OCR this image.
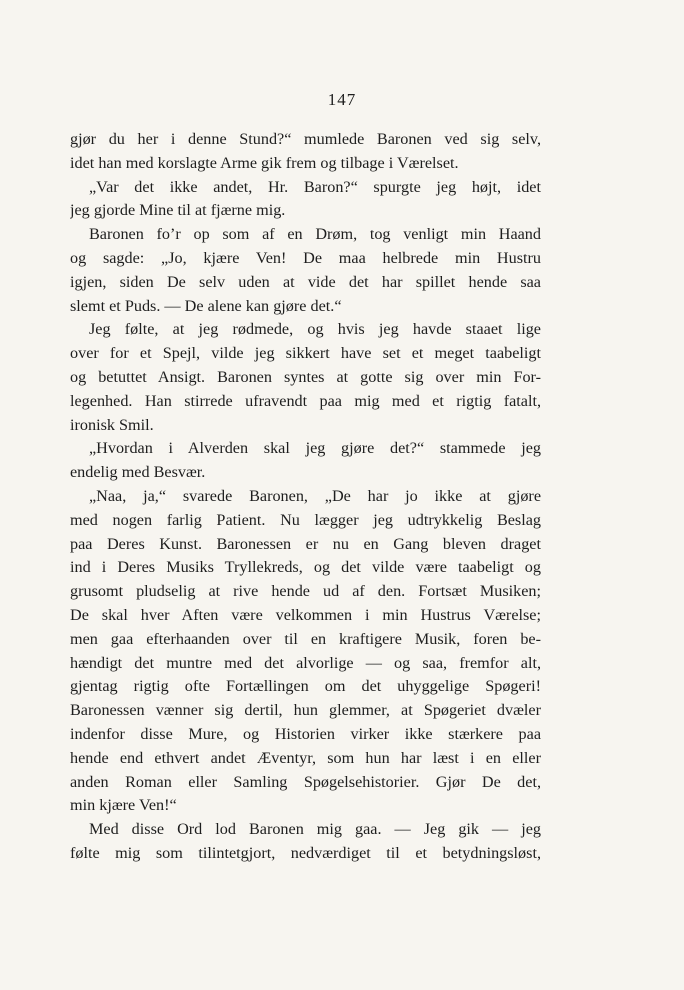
147
gjør du her i denne Stund?“ mumlede Baronen ved sig selv,
idet han med korslagte Arme gik frem og tilbage i Værelset.
„Var det ikke andet, Hr. Baron?“ spurgte jeg højt, idet
jeg gjorde Mine til at fjærne mig.
Baronen fo’r op som af en Drøm, tog venligt min Haand
og sagde: „Jo, kjære Ven! De maa helbrede min Hustru
igjen, siden De selv uden at vide det har spillet hende saa
slemt et Puds. — De alene kan gjøre det.“
Jeg følte, at jeg rødmede, og hvis jeg havde staaet lige
over for et Spejl, vilde jeg sikkert have set et meget taabeligt
og betuttet Ansigt. Baronen syntes at gotte sig over min For-
legenhed. Han stirrede ufravendt paa mig med et rigtig fatalt,
ironisk Smil.
„Hvordan i Alverden skal jeg gjøre det?“ stammede jeg
endelig med Besvær.
„Naa, ja,“ svarede Baronen, „De har jo ikke at gjøre
med nogen farlig Patient. Nu lægger jeg udtrykkelig Beslag
paa Deres Kunst. Baronessen er nu en Gang bleven draget
ind i Deres Musiks Tryllekreds, og det vilde være taabeligt og
grusomt pludselig at rive hende ud af den. Fortsæt Musiken;
De skal hver Aften være velkommen i min Hustrus Værelse;
men gaa efterhaanden over til en kraftigere Musik, foren be-
hændigt det muntre med det alvorlige — og saa, fremfor alt,
gjentag rigtig ofte Fortællingen om det uhyggelige Spøgeri!
Baronessen vænner sig dertil, hun glemmer, at Spøgeriet dvæler
indenfor disse Mure, og Historien virker ikke stærkere paa
hende end ethvert andet Æventyr, som hun har læst i en eller
anden Roman eller Samling Spøgelsehistorier. Gjør De det,
min kjære Ven!“
Med disse Ord lod Baronen mig gaa. — Jeg gik — jeg
følte mig som tilintetgjort, nedværdiget til et betydningsløst,
